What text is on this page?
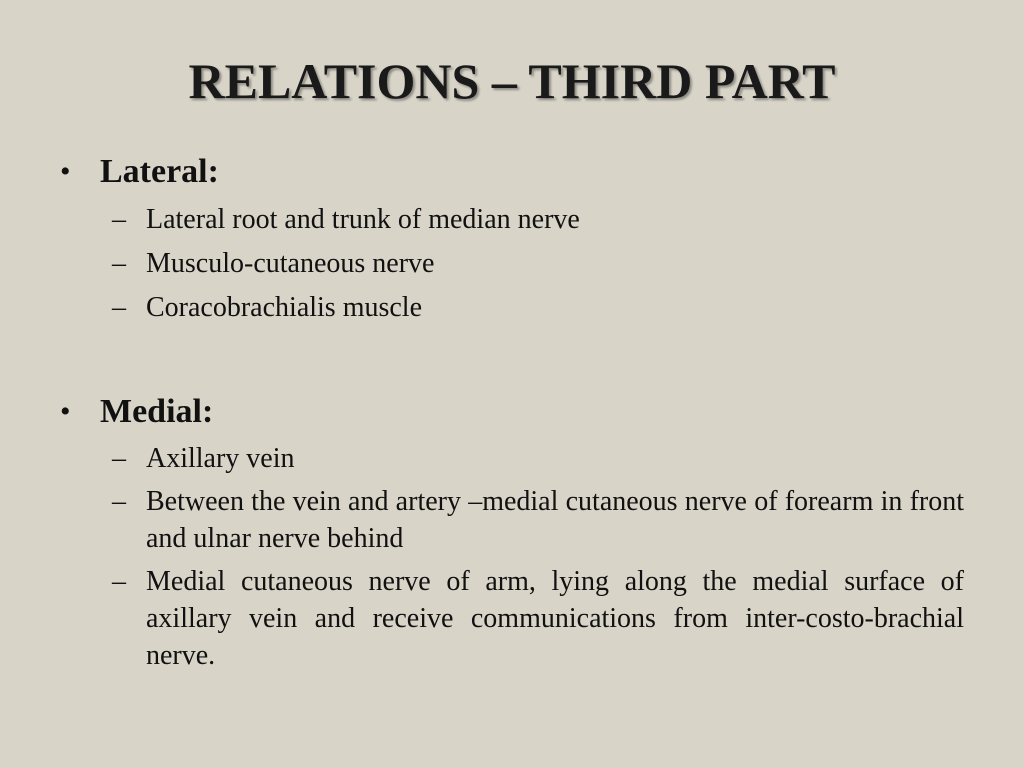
RELATIONS – THIRD PART
• Lateral:
– Lateral root and trunk of median nerve
– Musculo-cutaneous nerve
– Coracobrachialis muscle
• Medial:
– Axillary vein
– Between the vein and artery –medial cutaneous nerve of forearm in front and ulnar nerve behind
– Medial cutaneous nerve of arm, lying along the medial surface of axillary vein and receive communications from inter-costo-brachial nerve.
